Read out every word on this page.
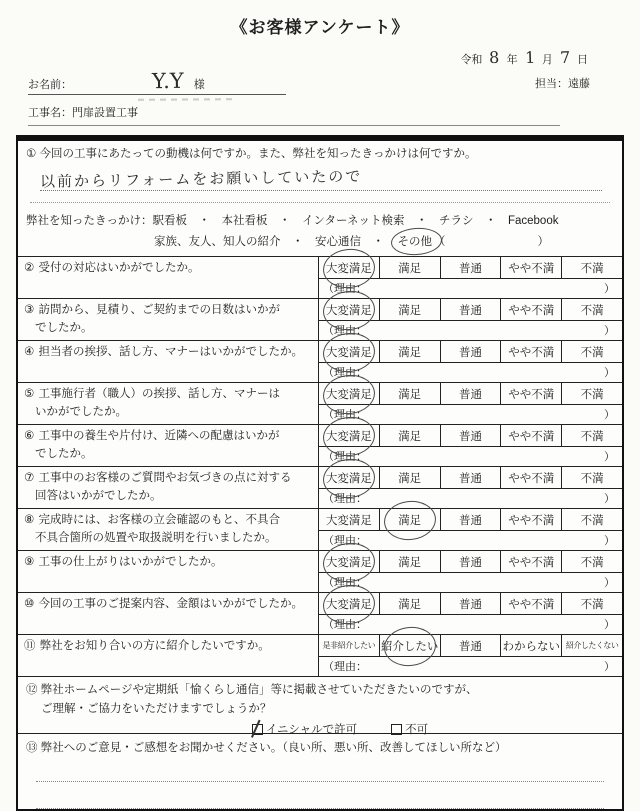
《お客様アンケート》
令和 8 年 1 月 7 日
お名前：	Y.Y 様	担当：遠藤
工事名：門扉設置工事
① 今回の工事にあたっての動機は何ですか。また、弊社を知ったきっかけは何ですか。
以前からリフォームをお願いしていたので
弊社を知ったきっかけ：駅看板　・　本社看板　・　インターネット検索　・　チラシ　・　Facebook
家族、友人、知人の紹介　・　安心通信　・　 その他 （	）
② 受付の対応はいかがでしたか。	大変満足 満足	普通 やや不満 不満
（理由：	）
③ 訪問から、見積り、ご契約までの日数はいかが
でしたか。
大変満足 満足	普通 やや不満 不満
（理由：	）
④ 担当者の挨拶、話し方、マナーはいかがでしたか。	大変満足 満足	普通 やや不満 不満
（理由：	）
⑤ 工事施行者（職人）の挨拶、話し方、マナーは
いかがでしたか。
大変満足 満足	普通 やや不満 不満
（理由：	）
⑥ 工事中の養生や片付け、近隣への配慮はいかが
でしたか。
大変満足 満足	普通 やや不満 不満
（理由：	）
⑦ 工事中のお客様のご質問やお気づきの点に対する
回答はいかがでしたか。
大変満足 満足	普通 やや不満 不満
（理由：	）
⑧ 完成時には、お客様の立会確認のもと、不具合
不具合箇所の処置や取扱説明を行いましたか。
大変満足 満足	普通 やや不満 不満
（理由：	）
⑨ 工事の仕上がりはいかがでしたか。	大変満足 満足	普通 やや不満 不満
（理由：	）
⑩ 今回の工事のご提案内容、金額はいかがでしたか。	大変満足 満足	普通 やや不満 不満
（理由：	）
⑪ 弊社をお知り合いの方に紹介したいですか。	是非紹介したい 紹介したい 普通 わからない 紹介したくない
（理由：	）
⑫ 弊社ホームページや定期紙「愉くらし通信」等に掲載させていただきたいのですが、
ご理解・ご協力をいただけますでしょうか？
イニシャルで許可	不可
⑬ 弊社へのご意見・ご感想をお聞かせください。（良い所、悪い所、改善してほしい所など）
